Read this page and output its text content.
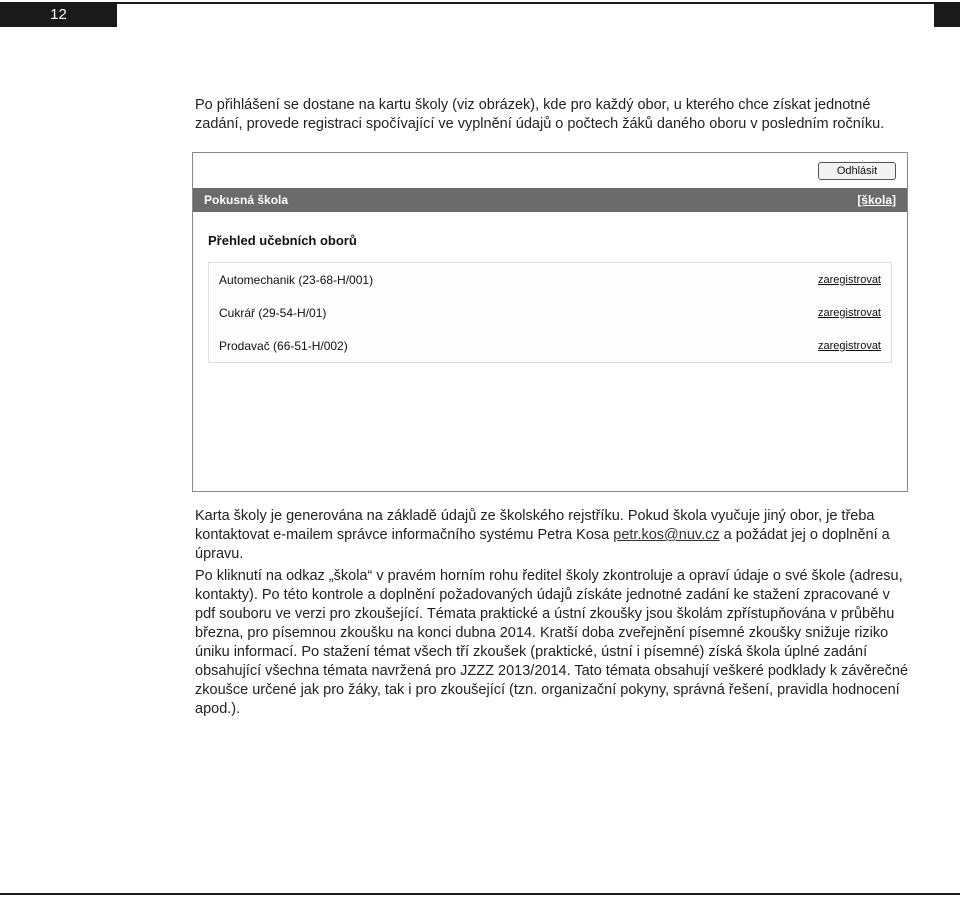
12

Po přihlášení se dostane na kartu školy (viz obrázek), kde pro každý obor, u kterého chce získat jednotné zadání, provede registraci spočívající ve vyplnění údajů o počtech žáků daného oboru v posledním ročníku.

Odhlásit
Pokusná škola	[škola]
Přehled učebních oborů
Automechanik (23-68-H/001)	zaregistrovat
Cukrář (29-54-H/01)	zaregistrovat
Prodavač (66-51-H/002)	zaregistrovat

Karta školy je generována na základě údajů ze školského rejstříku. Pokud škola vyučuje jiný obor, je třeba kontaktovat e-mailem správce informačního systému Petra Kosa petr.kos@nuv.cz a požádat jej o doplnění a úpravu.

Po kliknutí na odkaz „škola“ v pravém horním rohu ředitel školy zkontroluje a opraví údaje o své škole (adresu, kontakty). Po této kontrole a doplnění požadovaných údajů získáte jednotné zadání ke stažení zpracované v pdf souboru ve verzi pro zkoušející. Témata praktické a ústní zkoušky jsou školám zpřístupňována v průběhu března, pro písemnou zkoušku na konci dubna 2014. Kratší doba zveřejnění písemné zkoušky snižuje riziko úniku informací. Po stažení témat všech tří zkoušek (praktické, ústní i písemné) získá škola úplné zadání obsahující všechna témata navržená pro JZZZ 2013/2014. Tato témata obsahují veškeré podklady k závěrečné zkoušce určené jak pro žáky, tak i pro zkoušející (tzn. organizační pokyny, správná řešení, pravidla hodnocení apod.).
